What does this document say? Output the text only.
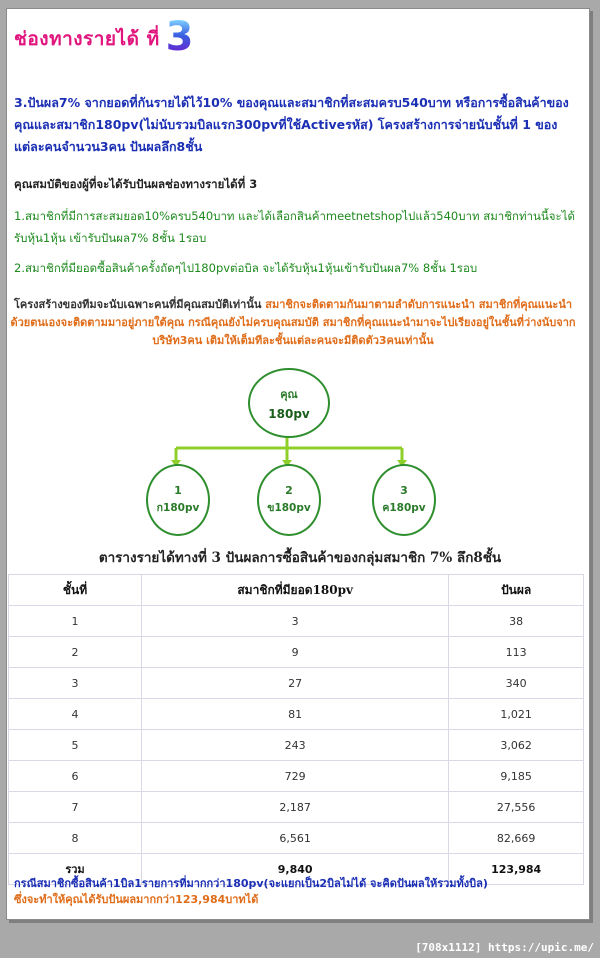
ช่องทางรายได้ ที่ 3
3.ปันผล7% จากยอดที่กันรายได้ไว้10% ของคุณและสมาชิกที่สะสมครบ540บาท หรือการซื้อสินค้าของคุณและสมาชิก180pv(ไม่นับรวมบิลแรก300pvที่ใช้Activeรหัส) โครงสร้างการจ่ายนับชั้นที่ 1 ของแต่ละคนจำนวน3คน ปันผลลึก8ชั้น
คุณสมบัติของผู้ที่จะได้รับปันผลช่องทางรายได้ที่ 3
1.สมาชิกที่มีการสะสมยอด10%ครบ540บาท และได้เลือกสินค้าmeetnetshopไปแล้ว540บาท สมาชิกท่านนี้จะได้รับหุ้น1หุ้น เข้ารับปันผล7% 8ชั้น 1รอบ
2.สมาชิกที่มียอดซื้อสินค้าครั้งถัดๆไป180pvต่อบิล จะได้รับหุ้น1หุ้นเข้ารับปันผล7% 8ชั้น 1รอบ
โครงสร้างของทีมจะนับเฉพาะคนที่มีคุณสมบัติเท่านั้น สมาชิกจะติดตามกันมาตามลำดับการแนะนำ สมาชิกที่คุณแนะนำด้วยตนเองจะติดตามมาอยู่ภายใต้คุณ กรณีคุณยังไม่ครบคุณสมบัติ สมาชิกที่คุณแนะนำมาจะไปเรียงอยู่ในชั้นที่ว่างนับจากบริษัท3คน เติมให้เต็มทีละชั้นแต่ละคนจะมีติดตัว3คนเท่านั้น
คุณ
180pv
1
ก180pv
2
ข180pv
3
ค180pv
ตารางรายได้ทางที่ 3 ปันผลการซื้อสินค้าของกลุ่มสมาชิก 7% ลึก8ชั้น
ชั้นที่	สมาชิกที่มียอด180pv	ปันผล
1	3	38
2	9	113
3	27	340
4	81	1,021
5	243	3,062
6	729	9,185
7	2,187	27,556
8	6,561	82,669
รวม	9,840	123,984
กรณีสมาชิกซื้อสินค้า1บิล1รายการที่มากกว่า180pv(จะแยกเป็น2บิลไม่ได้ จะคิดปันผลให้รวมทั้งบิล)
ซึ่งจะทำให้คุณได้รับปันผลมากกว่า123,984บาทได้
[708x1112] https://upic.me/
